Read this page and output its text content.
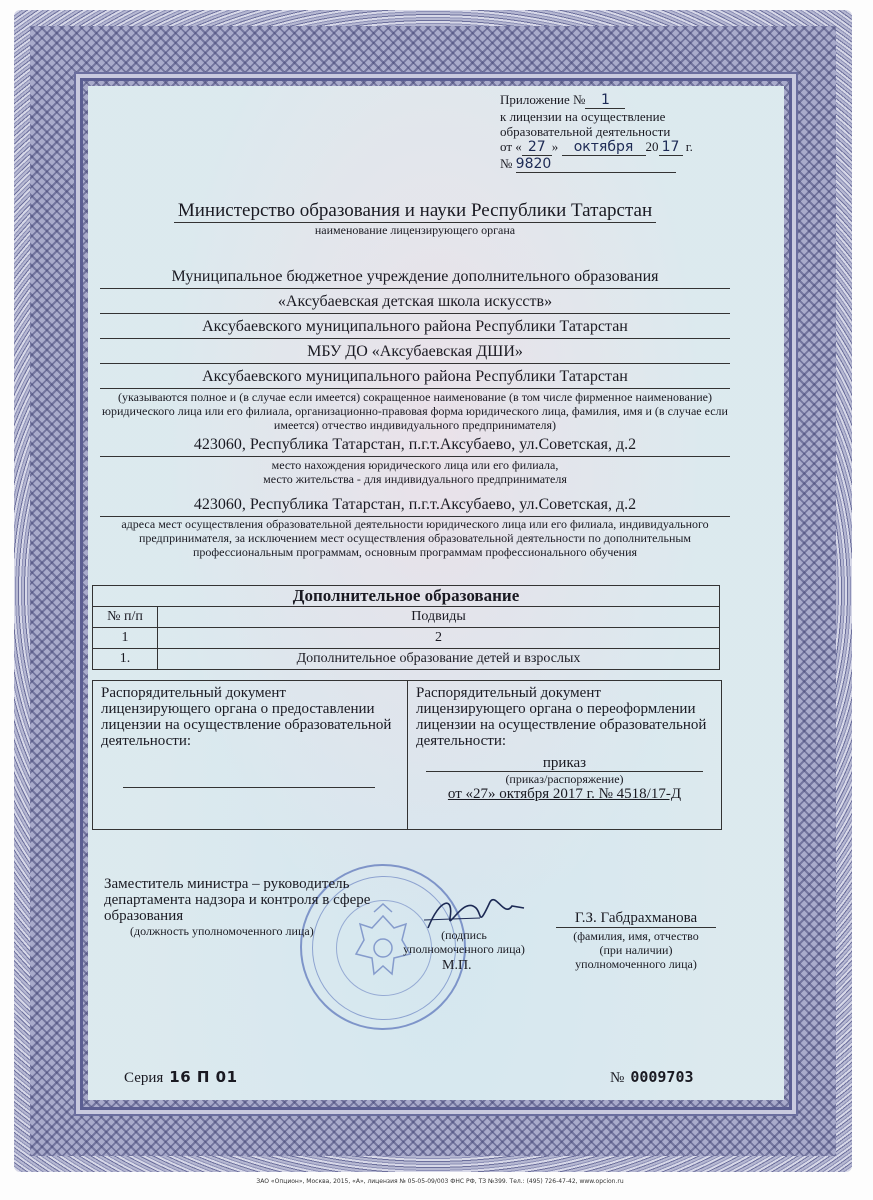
Приложение № 1
к лицензии на осуществление
образовательной деятельности
от « 27 » октября 20 17 г.
№ 9820
Министерство образования и науки Республики Татарстан
наименование лицензирующего органа
Муниципальное бюджетное учреждение дополнительного образования
«Аксубаевская детская школа искусств»
Аксубаевского муниципального района Республики Татарстан
МБУ ДО «Аксубаевская ДШИ»
Аксубаевского муниципального района Республики Татарстан
(указываются полное и (в случае если имеется) сокращенное наименование (в том числе фирменное наименование) юридического лица или его филиала, организационно-правовая форма юридического лица, фамилия, имя и (в случае если имеется) отчество индивидуального предпринимателя)
423060, Республика Татарстан, п.г.т.Аксубаево, ул.Советская, д.2
место нахождения юридического лица или его филиала,
место жительства - для индивидуального предпринимателя
423060, Республика Татарстан, п.г.т.Аксубаево, ул.Советская, д.2
адреса мест осуществления образовательной деятельности юридического лица или его филиала, индивидуального предпринимателя, за исключением мест осуществления образовательной деятельности по дополнительным профессиональным программам, основным программам профессионального обучения
Дополнительное образование	
№ п/п	Подвиды
1	2
1.	Дополнительное образование детей и взрослых
Распорядительный документ лицензирующего органа о предоставлении лицензии на осуществление образовательной деятельности:
Распорядительный документ лицензирующего органа о переоформлении лицензии на осуществление образовательной деятельности:
приказ
(приказ/распоряжение)
от «27» октября 2017 г. № 4518/17-Д
Заместитель министра – руководитель департамента надзора и контроля в сфере образования
(должность уполномоченного лица)	(подпись
уполномоченного лица)
М.П.
Г.З. Габдрахманова
(фамилия, имя, отчество
(при наличии)
уполномоченного лица)
Серия 16 П 01	№ 0009703
ЗАО «Опцион», Москва, 2015, «А», лицензия № 05-05-09/003 ФНС РФ, ТЗ №399. Тел.: (495) 726-47-42, www.opcion.ru
